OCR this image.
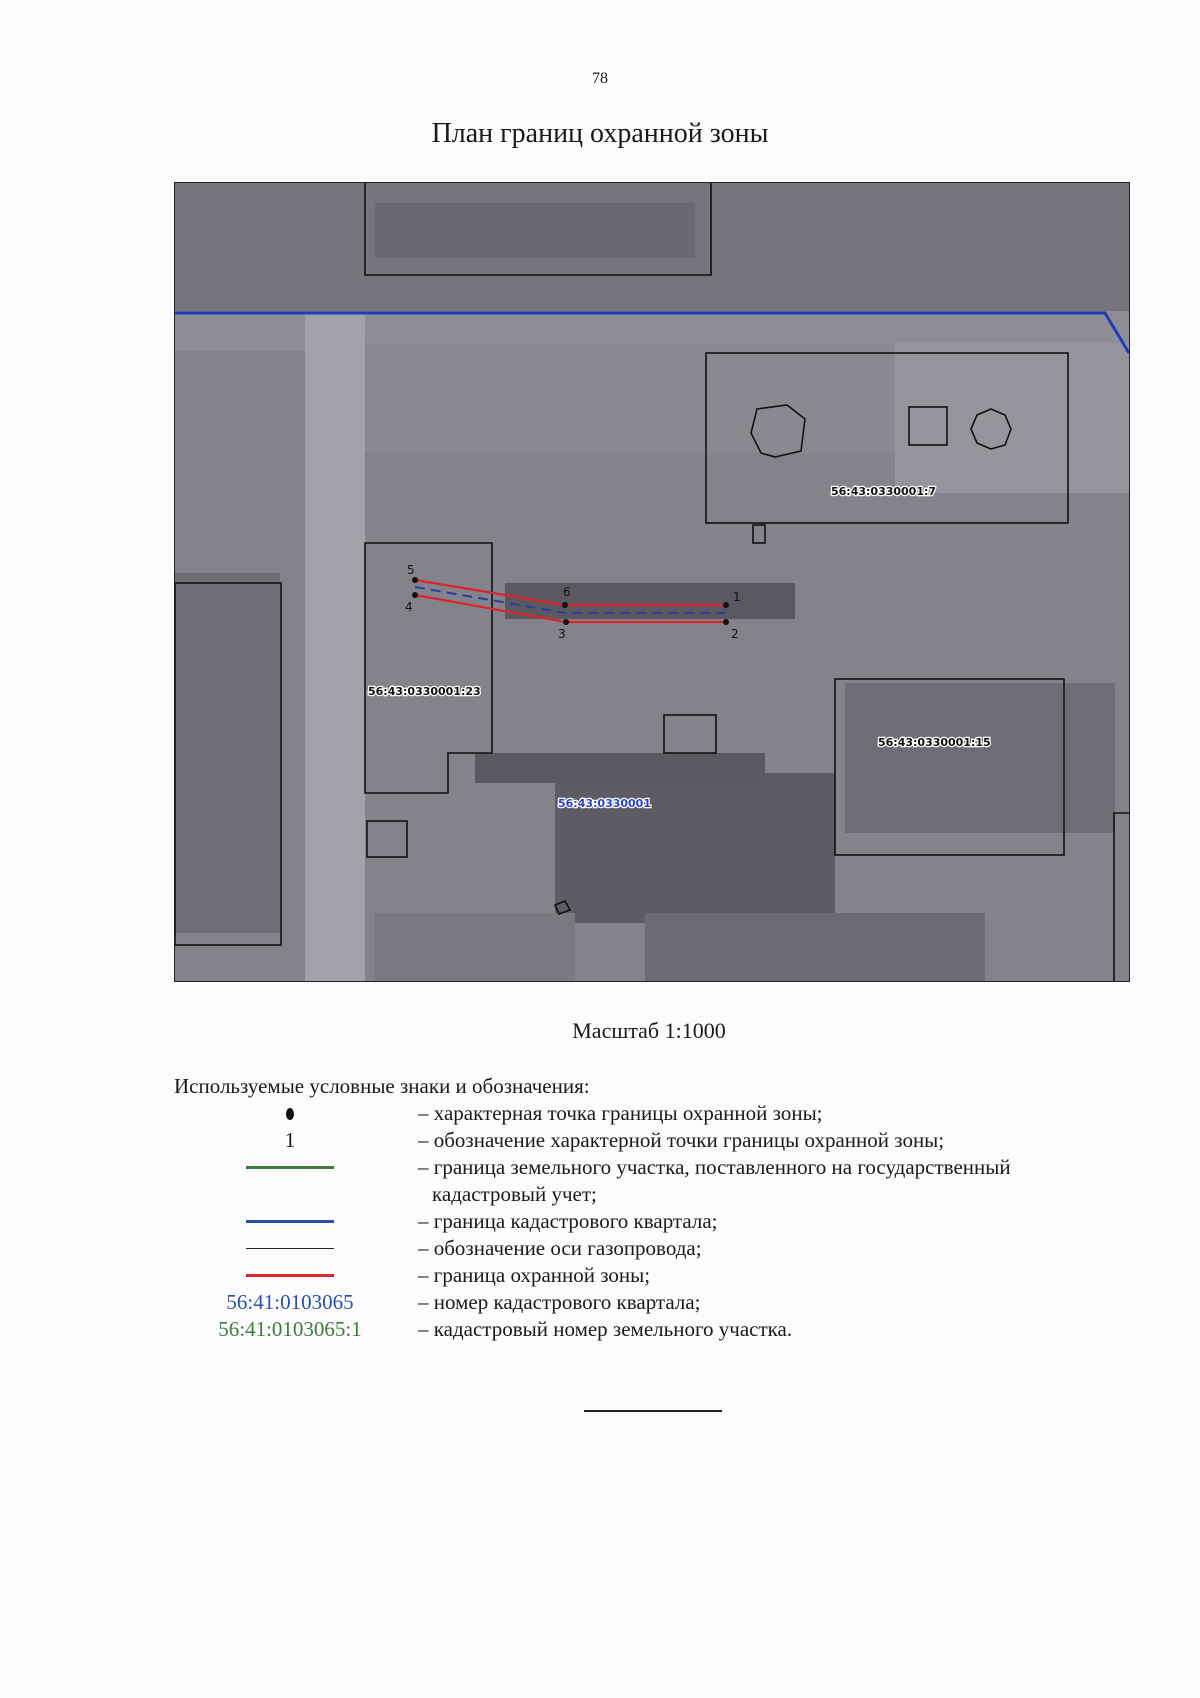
78
План границ охранной зоны
1
2
3
4
5
6
56:43:0330001:7
56:43:0330001:23
56:43:0330001:15
56:43:0330001
Масштаб 1:1000
Используемые условные знаки и обозначения:
– характерная точка границы охранной зоны;
1	– обозначение характерной точки границы охранной зоны;
– граница земельного участка, поставленного на государственный
кадастровый учет;
– граница кадастрового квартала;
– обозначение оси газопровода;
– граница охранной зоны;
56:41:0103065	– номер кадастрового квартала;
56:41:0103065:1	– кадастровый номер земельного участка.
